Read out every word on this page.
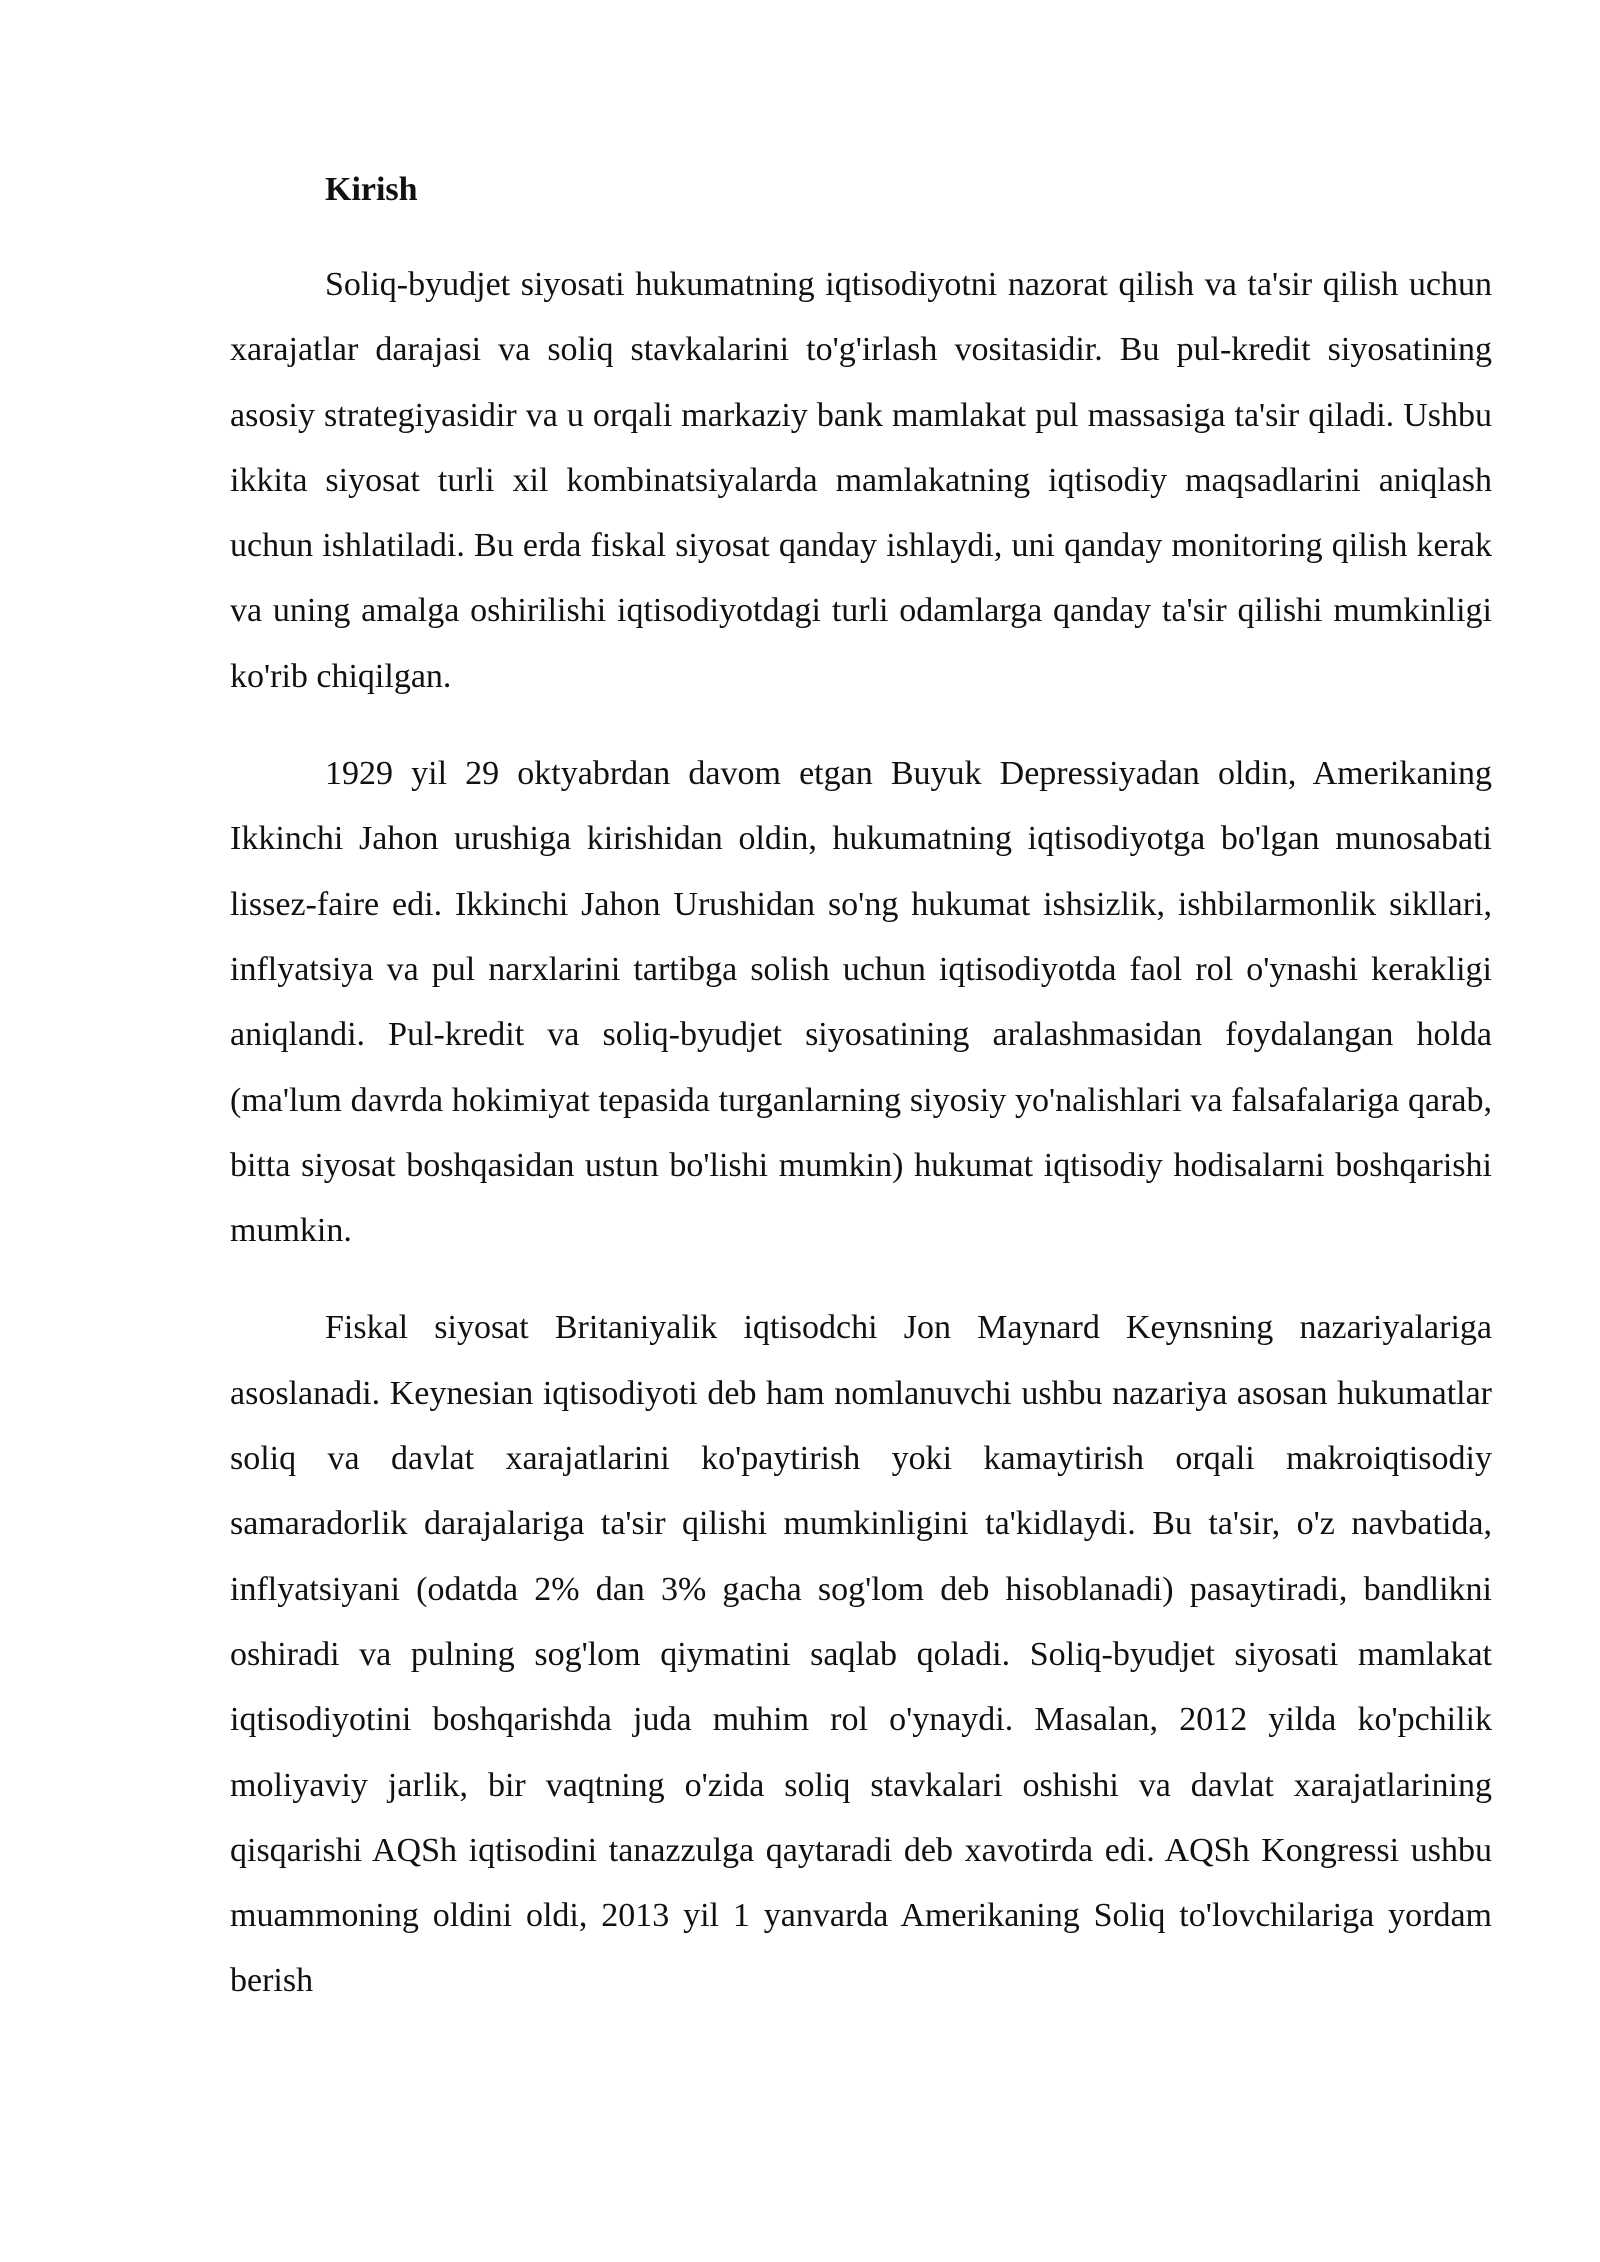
Kirish

Soliq-byudjet siyosati hukumatning iqtisodiyotni nazorat qilish va ta'sir qilish uchun xarajatlar darajasi va soliq stavkalarini to'g'irlash vositasidir. Bu pul-kredit siyosatining asosiy strategiyasidir va u orqali markaziy bank mamlakat pul massasiga ta'sir qiladi. Ushbu ikkita siyosat turli xil kombinatsiyalarda mamlakatning iqtisodiy maqsadlarini aniqlash uchun ishlatiladi. Bu erda fiskal siyosat qanday ishlaydi, uni qanday monitoring qilish kerak va uning amalga oshirilishi iqtisodiyotdagi turli odamlarga qanday ta'sir qilishi mumkinligi ko'rib chiqilgan.

1929 yil 29 oktyabrdan davom etgan Buyuk Depressiyadan oldin, Amerikaning Ikkinchi Jahon urushiga kirishidan oldin, hukumatning iqtisodiyotga bo'lgan munosabati lissez-faire edi. Ikkinchi Jahon Urushidan so'ng hukumat ishsizlik, ishbilarmonlik sikllari, inflyatsiya va pul narxlarini tartibga solish uchun iqtisodiyotda faol rol o'ynashi kerakligi aniqlandi. Pul-kredit va soliq-byudjet siyosatining aralashmasidan foydalangan holda (ma'lum davrda hokimiyat tepasida turganlarning siyosiy yo'nalishlari va falsafalariga qarab, bitta siyosat boshqasidan ustun bo'lishi mumkin) hukumat iqtisodiy hodisalarni boshqarishi mumkin.

Fiskal siyosat Britaniyalik iqtisodchi Jon Maynard Keynsning nazariyalariga asoslanadi. Keynesian iqtisodiyoti deb ham nomlanuvchi ushbu nazariya asosan hukumatlar soliq va davlat xarajatlarini ko'paytirish yoki kamaytirish orqali makroiqtisodiy samaradorlik darajalariga ta'sir qilishi mumkinligini ta'kidlaydi. Bu ta'sir, o'z navbatida, inflyatsiyani (odatda 2% dan 3% gacha sog'lom deb hisoblanadi) pasaytiradi, bandlikni oshiradi va pulning sog'lom qiymatini saqlab qoladi. Soliq-byudjet siyosati mamlakat iqtisodiyotini boshqarishda juda muhim rol o'ynaydi. Masalan, 2012 yilda ko'pchilik moliyaviy jarlik, bir vaqtning o'zida soliq stavkalari oshishi va davlat xarajatlarining qisqarishi AQSh iqtisodini tanazzulga qaytaradi deb xavotirda edi. AQSh Kongressi ushbu muammoning oldini oldi, 2013 yil 1 yanvarda Amerikaning Soliq to'lovchilariga yordam berish
